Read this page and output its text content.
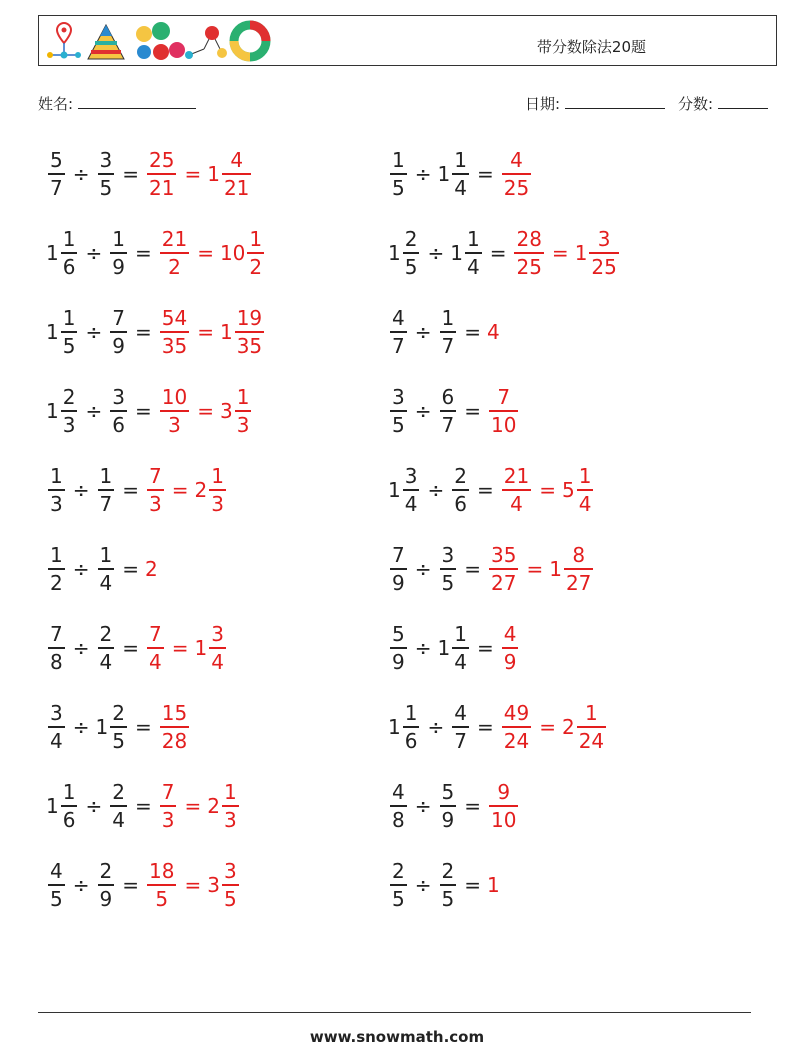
带分数除法20题
姓名:	日期:	分数:
$\frac{5}{7} \div \frac{3}{5} = \frac{25}{21} = 1 \frac{4}{21}$	$\frac{1}{5} \div 1 \frac{1}{4} = \frac{4}{25}$
$1 \frac{1}{6} \div \frac{1}{9} = \frac{21}{2} = 10 \frac{1}{2}$	$1 \frac{2}{5} \div 1 \frac{1}{4} = \frac{28}{25} = 1 \frac{3}{25}$
$1 \frac{1}{5} \div \frac{7}{9} = \frac{54}{35} = 1 \frac{19}{35}$	$\frac{4}{7} \div \frac{1}{7} = 4$
$1 \frac{2}{3} \div \frac{3}{6} = \frac{10}{3} = 3 \frac{1}{3}$	$\frac{3}{5} \div \frac{6}{7} = \frac{7}{10}$
$\frac{1}{3} \div \frac{1}{7} = \frac{7}{3} = 2 \frac{1}{3}$	$1 \frac{3}{4} \div \frac{2}{6} = \frac{21}{4} = 5 \frac{1}{4}$
$\frac{1}{2} \div \frac{1}{4} = 2$	$\frac{7}{9} \div \frac{3}{5} = \frac{35}{27} = 1 \frac{8}{27}$
$\frac{7}{8} \div \frac{2}{4} = \frac{7}{4} = 1 \frac{3}{4}$	$\frac{5}{9} \div 1 \frac{1}{4} = \frac{4}{9}$
$\frac{3}{4} \div 1 \frac{2}{5} = \frac{15}{28}$	$1 \frac{1}{6} \div \frac{4}{7} = \frac{49}{24} = 2 \frac{1}{24}$
$1 \frac{1}{6} \div \frac{2}{4} = \frac{7}{3} = 2 \frac{1}{3}$	$\frac{4}{8} \div \frac{5}{9} = \frac{9}{10}$
$\frac{4}{5} \div \frac{2}{9} = \frac{18}{5} = 3 \frac{3}{5}$	$\frac{2}{5} \div \frac{2}{5} = 1$
www.snowmath.com
